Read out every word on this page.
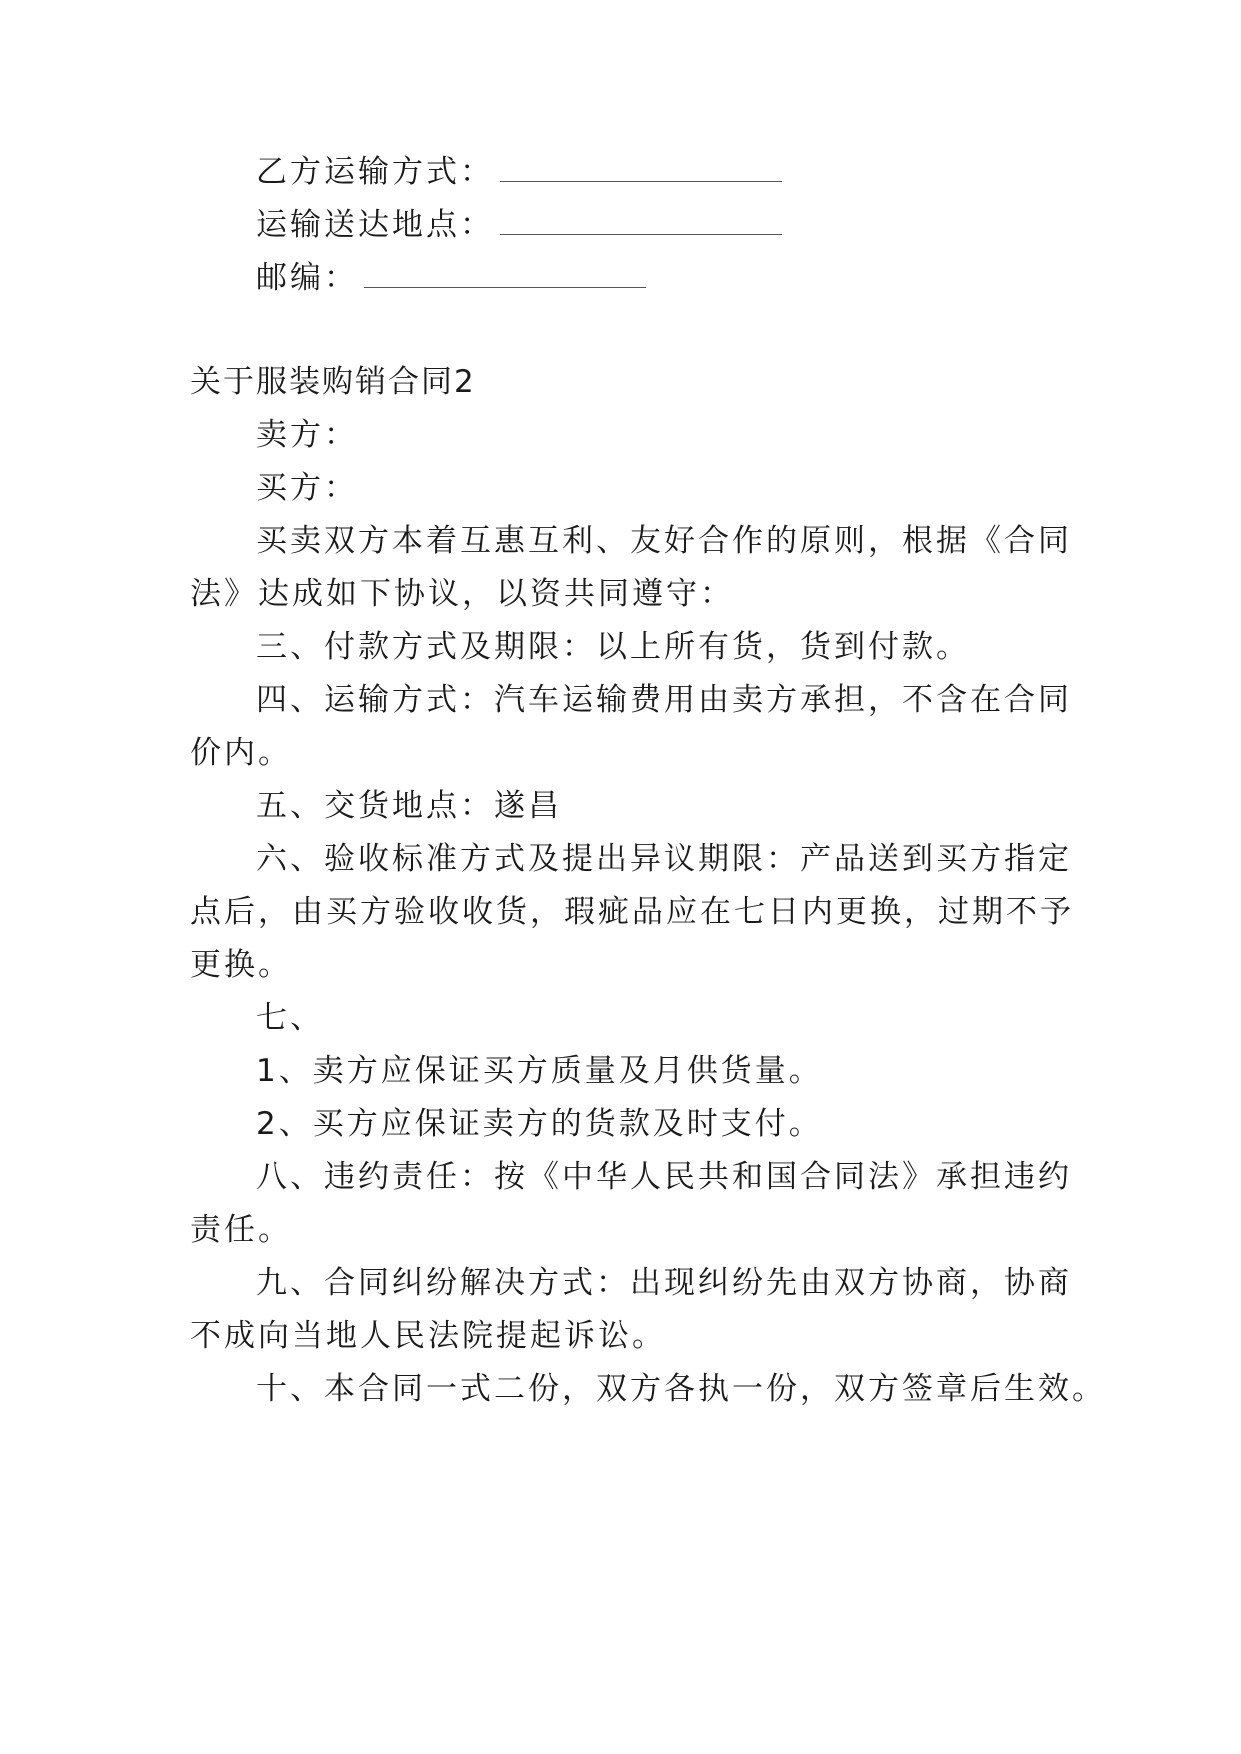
乙方运输方式：
运输送达地点：
邮编：
关于服装购销合同2
卖方：
买方：
买卖双方本着互惠互利、友好合作的原则，根据《合同
法》达成如下协议，以资共同遵守：
三、付款方式及期限：以上所有货，货到付款。
四、运输方式：汽车运输费用由卖方承担，不含在合同
价内。
五、交货地点：遂昌
六、验收标准方式及提出异议期限：产品送到买方指定
点后，由买方验收收货，瑕疵品应在七日内更换，过期不予
更换。
七、
1、卖方应保证买方质量及月供货量。
2、买方应保证卖方的货款及时支付。
八、违约责任：按《中华人民共和国合同法》承担违约
责任。
九、合同纠纷解决方式：出现纠纷先由双方协商，协商
不成向当地人民法院提起诉讼。
十、本合同一式二份，双方各执一份，双方签章后生效。
